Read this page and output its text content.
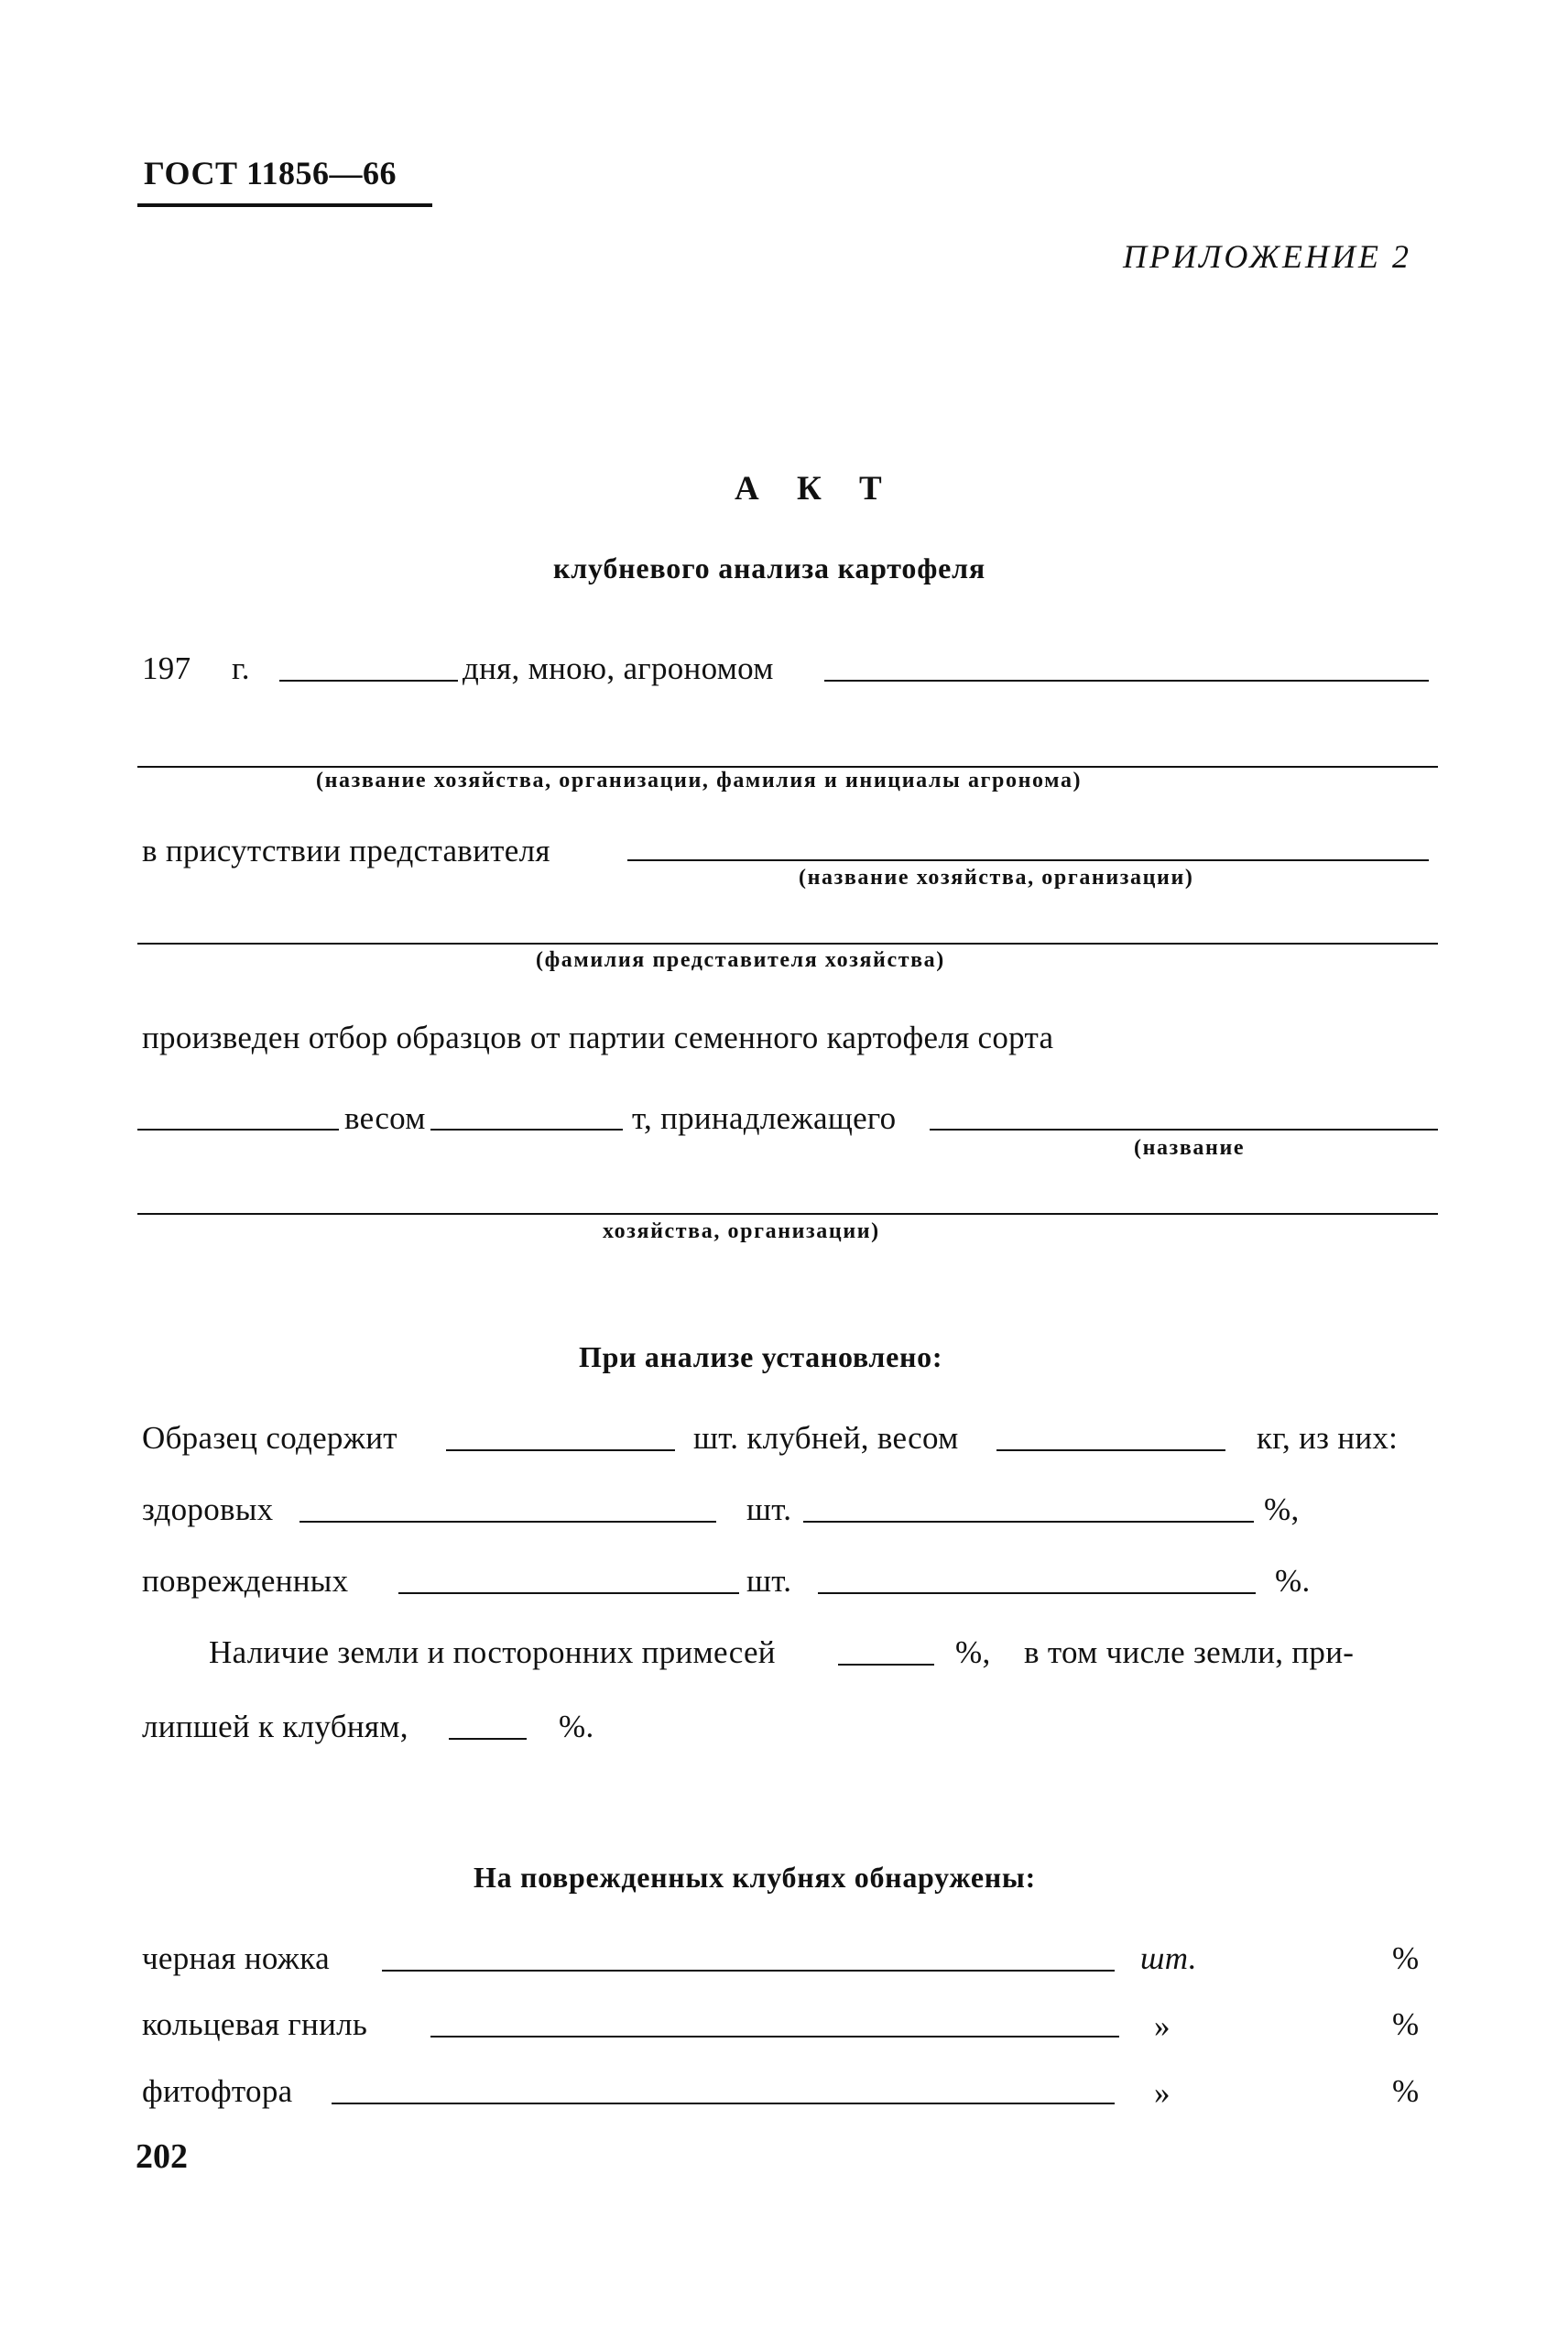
ГОСТ 11856—66
ПРИЛОЖЕНИЕ 2
А К Т
клубневого анализа картофеля
197 г.	дня, мною, агрономом
(название хозяйства, организации, фамилия и инициалы агронома)
в присутствии представителя
(название хозяйства, организации)
(фамилия представителя хозяйства)
произведен отбор образцов от партии семенного картофеля сорта
весом	т, принадлежащего
(название
хозяйства, организации)
При анализе установлено:
Образец содержит	шт. клубней, весом	кг, из них:
здоровых	шт.	%,
поврежденных	шт.	%.
Наличие земли и посторонних примесей	%, в том числе земли, при-
липшей к клубням,	%.
На поврежденных клубнях обнаружены:
черная ножка	шт.	%
кольцевая гниль	»	%
фитофтора	»	%
202
